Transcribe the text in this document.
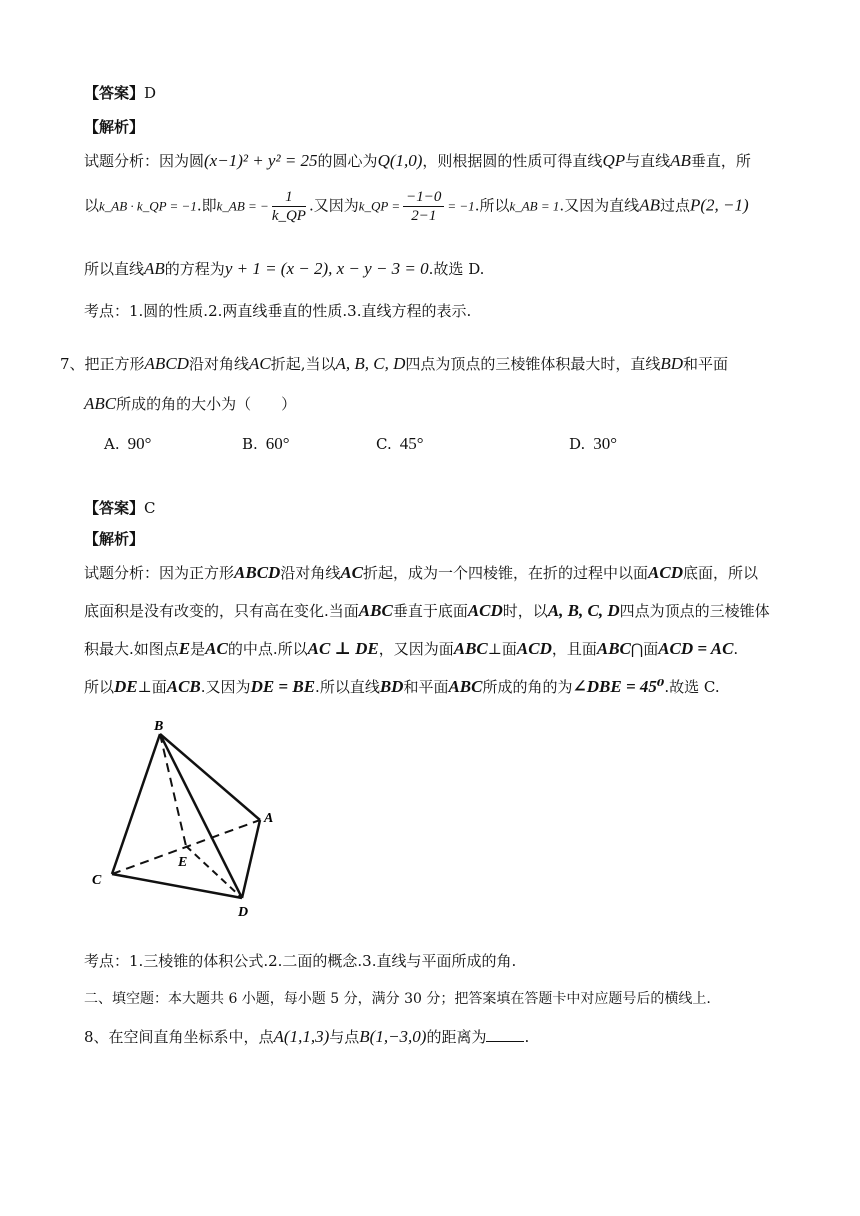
【答案】D
【解析】
试题分析：因为圆(x−1)² + y² = 25的圆心为Q(1,0)，则根据圆的性质可得直线QP与直线AB垂直，所
以k_AB · k_QP = −1.即k_AB = − $\frac{1}{k\_QP}$ .又因为k_QP = $\frac{-1-0}{2-1} = -1$.所以k_AB = 1.又因为直线AB过点P(2, −1)
所以直线AB的方程为y + 1 = (x − 2), x − y − 3 = 0.故选 D.
考点：1.圆的性质.2.两直线垂直的性质.3.直线方程的表示.
7、把正方形ABCD沿对角线AC折起,当以A, B, C, D四点为顶点的三棱锥体积最大时，直线BD和平面
ABC所成的角的大小为（　　）
A. 90°	B. 60°	C. 45°	D. 30°
【答案】C
【解析】
试题分析：因为正方形ABCD沿对角线AC折起，成为一个四棱锥，在折的过程中以面ACD底面，所以
底面积是没有改变的，只有高在变化.当面ABC垂直于底面ACD时，以A, B, C, D四点为顶点的三棱锥体
积最大.如图点E是AC的中点.所以AC ⊥ DE，又因为面ABC⊥面ACD，且面ABC⋂面ACD = AC.
所以DE⊥面ACB.又因为DE = BE.所以直线BD和平面ABC所成的角的为∠DBE = 45⁰.故选 C.
B
A
E
C
D
考点：1.三棱锥的体积公式.2.二面的概念.3.直线与平面所成的角.
二、填空题：本大题共 6 小题，每小题 5 分，满分 30 分；把答案填在答题卡中对应题号后的横线上.
8、在空间直角坐标系中，点A(1,1,3)与点B(1,−3,0)的距离为	.
